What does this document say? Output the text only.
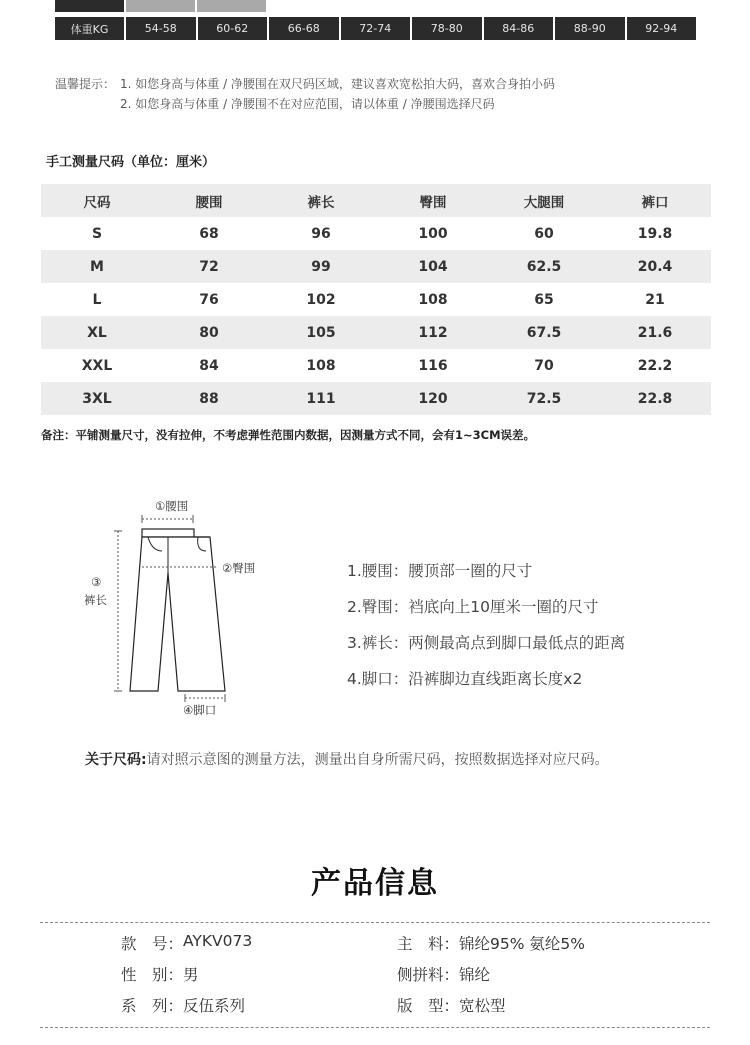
体重KG	54-58	60-62	66-68	72-74	78-80	84-86	88-90	92-94
温馨提示： 1. 如您身高与体重 / 净腰围在双尺码区域，建议喜欢宽松拍大码，喜欢合身拍小码
2. 如您身高与体重 / 净腰围不在对应范围，请以体重 / 净腰围选择尺码
手工测量尺码（单位：厘米）
尺码	腰围	裤长	臀围	大腿围	裤口
S	68	96	100	60	19.8
M	72	99	104	62.5	20.4
L	76	102	108	65	21
XL	80	105	112	67.5	21.6
XXL	84	108	116	70	22.2
3XL	88	111	120	72.5	22.8
备注：平铺测量尺寸，没有拉伸，不考虑弹性范围内数据，因测量方式不同，会有1~3CM误差。
①腰围
②臀围
③
裤长
④脚口
1.腰围：腰顶部一圈的尺寸
2.臀围：裆底向上10厘米一圈的尺寸
3.裤长：两侧最高点到脚口最低点的距离
4.脚口：沿裤脚边直线距离长度x2
关于尺码:请对照示意图的测量方法，测量出自身所需尺码，按照数据选择对应尺码。
产品信息
款　号： AYKV073	主　料： 锦纶95% 氨纶5%
性　别： 男	侧拼料： 锦纶
系　列： 反伍系列	版　型： 宽松型
